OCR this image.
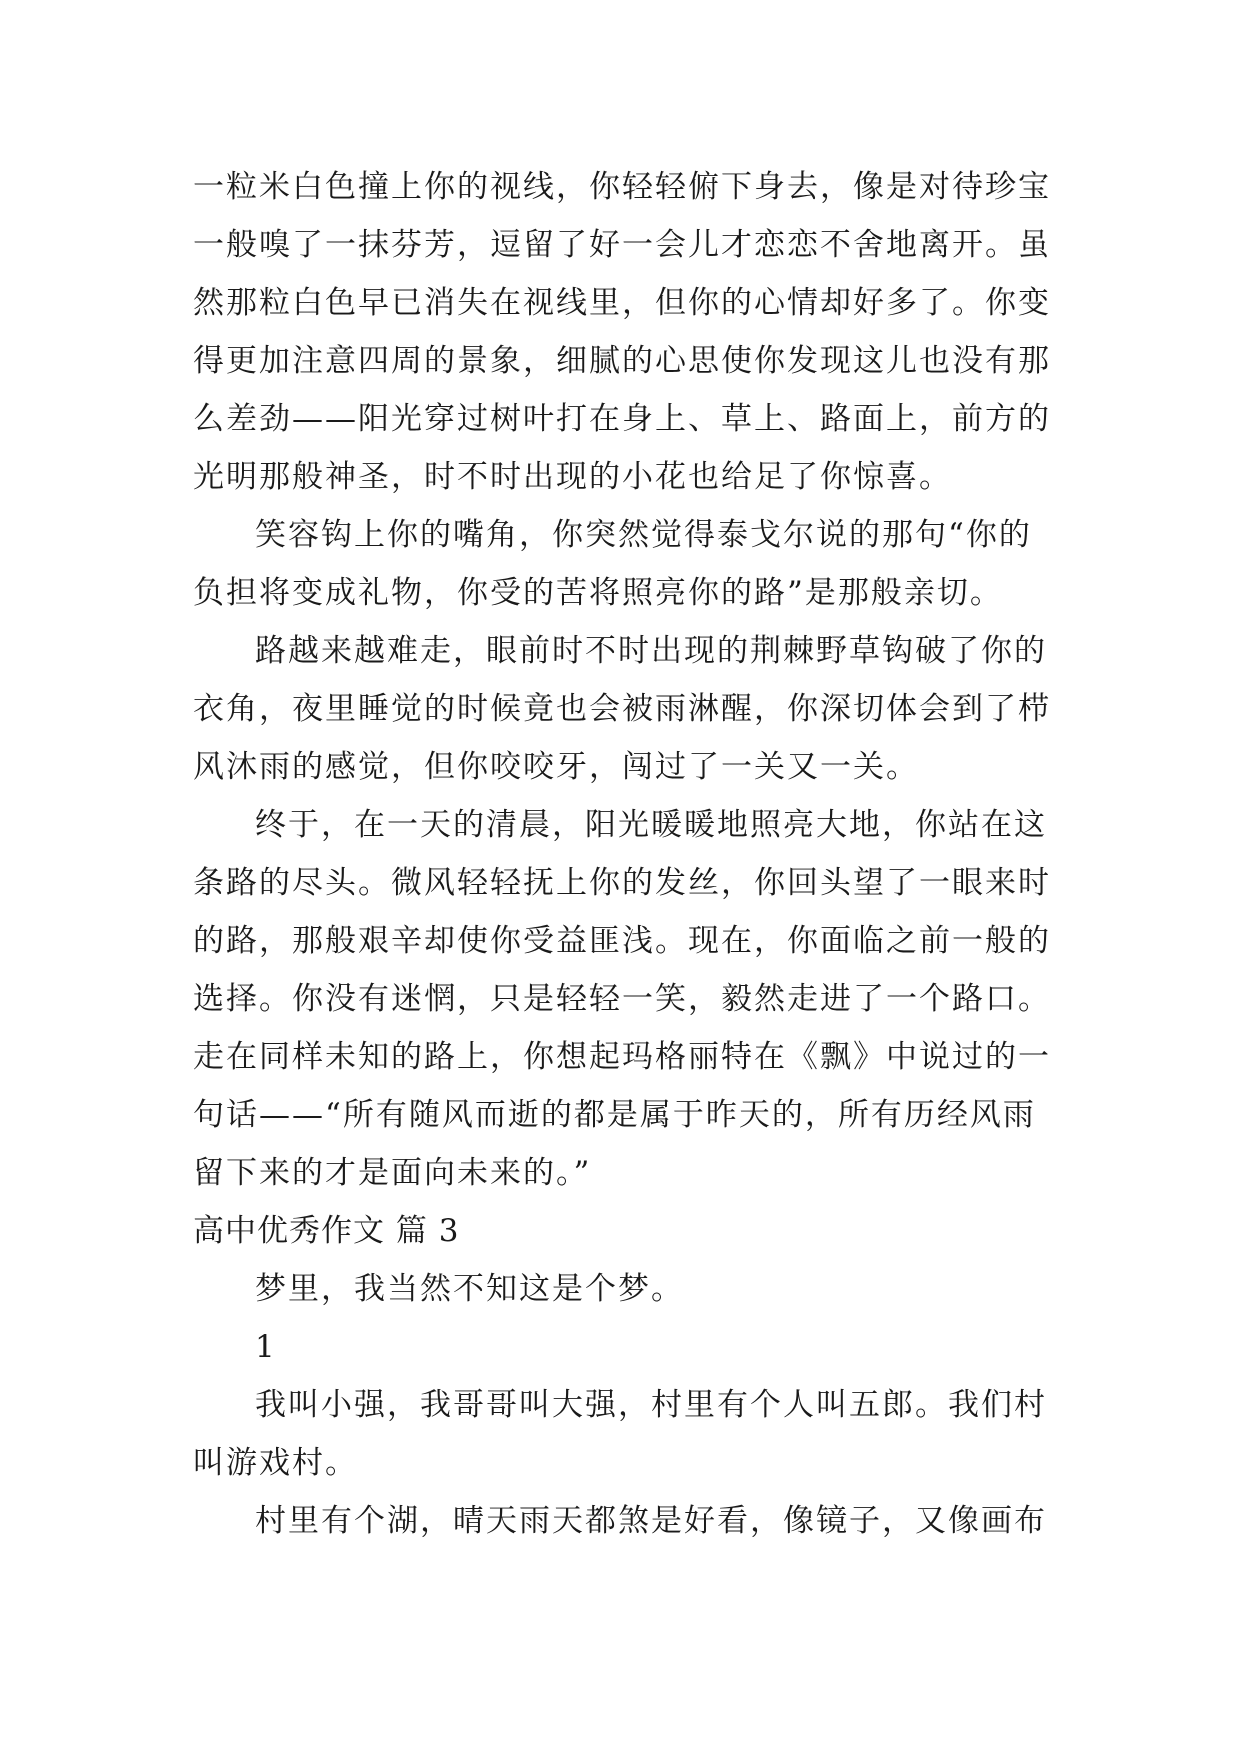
一粒米白色撞上你的视线，你轻轻俯下身去，像是对待珍宝
一般嗅了一抹芬芳，逗留了好一会儿才恋恋不舍地离开。虽
然那粒白色早已消失在视线里，但你的心情却好多了。你变
得更加注意四周的景象，细腻的心思使你发现这儿也没有那
么差劲——阳光穿过树叶打在身上、草上、路面上，前方的
光明那般神圣，时不时出现的小花也给足了你惊喜。
笑容钩上你的嘴角，你突然觉得泰戈尔说的那句“你的
负担将变成礼物，你受的苦将照亮你的路”是那般亲切。
路越来越难走，眼前时不时出现的荆棘野草钩破了你的
衣角，夜里睡觉的时候竟也会被雨淋醒，你深切体会到了栉
风沐雨的感觉，但你咬咬牙，闯过了一关又一关。
终于，在一天的清晨，阳光暖暖地照亮大地，你站在这
条路的尽头。微风轻轻抚上你的发丝，你回头望了一眼来时
的路，那般艰辛却使你受益匪浅。现在，你面临之前一般的
选择。你没有迷惘，只是轻轻一笑，毅然走进了一个路口。
走在同样未知的路上，你想起玛格丽特在《飘》中说过的一
句话——“所有随风而逝的都是属于昨天的，所有历经风雨
留下来的才是面向未来的。”
高中优秀作文 篇 3
梦里，我当然不知这是个梦。
1
我叫小强，我哥哥叫大强，村里有个人叫五郎。我们村
叫游戏村。
村里有个湖，晴天雨天都煞是好看，像镜子，又像画布
